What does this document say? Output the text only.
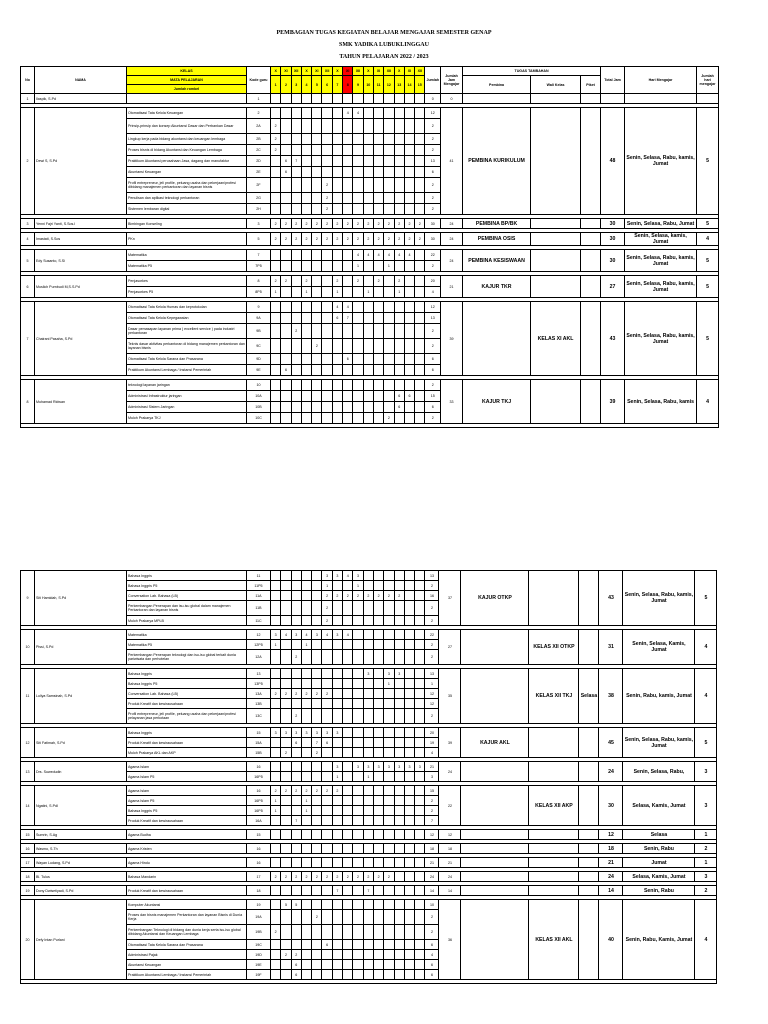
PEMBAGIAN TUGAS KEGIATAN BELAJAR MENGAJAR SEMESTER GENAP
SMK YADIKA LUBUKLINGGAU
TAHUN PELAJARAN 2022 / 2023
No	NAMA	KELAS	Kode guru	X	XI	XII	X	XI	XII	X	XI	XII	X	XI	XII	X	XI	XII	Jumlah	Jumlah Jam Mengajar	TUGAS TAMBAHAN			Total Jam	Hari Mengajar	Jumlah hari mengajar
		MATA PELAJARAN		1	2	3	4	5	6	7	8	9	10	11	12	13	14	15			Pembina	Wali Kelas	Piket			
		Jumlah rombel																								
1	Ilaspik, S.Pd		1																0	0						

2	Dewi S, S.Pd	Otomatisasi Tata Kelola Keuangan	2								4	4							12	41	PEMBINA KURIKULUM			48	Senin, Selasa, Rabu, kamis, Jumat	5
		Prinsip-prinsip dan konsep Akuntansi Dasar dan Perbankan Dasar	2A	2															2							
		Lingkup kerja pada bidang akuntansi dan keuangan lembaga	2B	2															2							
		Proses bisnis di bidang Akuntansi dan Keuangan Lembaga	2C	2															2							
		Praktikum Akuntansi perusahaan Jasa, dagang dan manufaktur	2D		6	7													13							
		Akuntansi Keuangan	2E		6														6							
		Profil entrepreneur, jeli profile, peluang usaha dan pekerjaan/profesi dibidang manajemen perkantoran dan layanan bisnis	2F						2										2							
		Penulisan dan aplikasi teknologi perkantoran	2G						2										2							
		Sistemen lembaran digital	2H						2										2							

3	Yenni Fajri Yanti, S.Sos.I	Bimbingan Konseling	3	2	2	2	2	2	2	2	2	2	2	2	2	2	2	2	30	24	PEMBINA BP/BK			30	Senin, Selasa, Rabu, Jumat	5

4	Imastati, S.Sos	PKn	5	2	2	2	2	2	2	2	2	2	2	2	2	2	2	2	30	24	PEMBINA OSIS			30	Senin, Selasa, kamis, Jumat	4

5	Edy Susanto, S.Si	Matematika	7									4	4	4	4	4	4		22	24	PEMBINA KESISWAAN			30	Senin, Selasa, Rabu, kamis, Jumat	5
		Matematika P5	7P5									1			1				2							

6	Muslich Purnbudi M,S.S.Pd	Penjasorkes	8	2	2		2			2		2		2		2			20	21	KAJUR TKR			27	Senin, Selasa, Rabu, kamis, Jumat	5
		Penjasorkes P5	8P5	1			1			1			1			1			4							

7	Chairani Pasaha, S.Pd	Otomatisasi Tata Kelola Humas dan keprotokolan	9							4	4								12	39		KELAS XI AKL		43	Senin, Selasa, Rabu, kamis, Jumat	5
		Otomatisasi Tata Kelola Kepegawaian	9A							6	7								13							
		Dasar pemasapan layanan prima ( excellent service ) pada industri perkantoran	9B			2													2							
		Teknis dasar aktivitas perkantoran di bidang manajemen perkantoran dan layanan bisnis	9C					2											2							
		Otomatisasi Tata Kelola Sarana dan Prasarana	9D								6								6							
		Praktikum Akuntansi Lembaga / Instansi Pemerintah	9E		6														6							

8	Muhamad Ridwan	teknologi layanan jaringan	10																2	33	KAJUR TKJ			39	Senin, Selasa, Rabu, kamis	4
		Administrasi Infrastruktur jaringan	10A													6	6		15							
		Administrasi Sistem Jaringan	10B													6			6							
		Muloh Prakarya TKJ	10C												2				2							

9	Siti Hamidah, S.Pd	Bahasa Inggris	11						3	3	4	3							13	37	KAJUR OTKP			43	Senin, Selasa, Rabu, kamis, Jumat	5
		Bahasa Inggris P5	11P5						1			1							2							
		Conversation Lab. Bahasa (LB)	11A						2	2	2	2	2	2	2	2			16							
		Perkembangan Penerapan dan isu-isu global dalam manajemen Perkantoran dan layanan bisnis	11B						2										2							
		Muloh Prakarya MPLB	11C						2										2							

10	Pissi, S.Pd	Matematika	12	3	4	3	4	3	4	3	4								22	27		KELAS XII OTKP		31	Senin, Selasa, Kamis, Jumat	4
		Matematika P5	12P5	1			1												2							
		Perkembangan Penerapan teknologi dan isu-isu global terkait dunia pariwisata dan perhotelan	12A			2													2							

11	Luliya Samsinah, S.Pd	Bahasa Inggris	13										3		3	3			13	35		KELAS XII TKJ	Selasa	38	Senin, Rabu, kamis, Jumat	4
		Bahasa Inggris P5	13P5												1				1							
		Conversation Lab. Bahasa (LB)	13A	2	2	2	2	2	2										12							
		Produk Kreatif dan kewirausahaan	13B																12							
		Profil entrepreneur, jeli profile, peluang usaha dan pekerjaan/profesi pelayanan jasa perkotaan	13C			2													2							

12	Siti Fatimah, S.Pd	Bahasa Inggris	15	3	3	3	3	3	3	3									20	39	KAJUR AKL			45	Senin, Selasa, Rabu, kamis, Jumat	5
		Produk Kreatif dan kewirausahaan	15A			6		7	6										19							
		Muloh Prakarya AKL dan AKP	15B		2			2											4							

13	Drs. Suwedudin	Agama Islam	16							3		3	3	3	3	3	3	3	21	24				24	Senin, Selasa, Rabu,	3
		Agama Islam P5	16P5							1			1						3							

14	Ngatini, S.PdI	Agama Islam	16	2	2	2	2	2	2	2									15	22		KELAS XII AKP		30	Selasa, Kamis, Jumat	3
		Agama Islam P5	16P5	1			1												2							
		Bahasa Inggris P5	16P5	1			1												2							
		Produk Kreatif dan kewirausahaan	16A			7													7							

15	Sumrin, S.Ag	Agama Budha	15																12	12				12	Selasa	1

16	Wasmo, S.Th	Agama Kristen	16																18	18				18	Senin, Rabu	2

17	Wayan Ludang, S.Pd	Agama Hindu	16																21	21				21	Jumat	1

18	Bl. Tulus	Bahasa Mandarin	17	2	2	2	2	2	2	2	2	2	2	2	2				24	24				24	Selasa, Kamis, Jumat	3

19	Dony Dwisetiyadi, S.Pd	Produk Kreatif dan kewirausahaan	18							7			7						14	14				14	Senin, Rabu	2

20	Defy Intan Purlani	Komputer Akuntansi	19		5	5													10	36		KELAS XII AKL		40	Senin, Rabu, Kamis, Jumat	4
		Proses dan bisnis manajemen Perkantoran dan layanan Bisnis di Dunia Kerja	19A					2											2							
		Perkembangan Teknologi di bidang dan dunia kerja serta isu-isu global dibidang Akuntansi dan Keuangan Lembaga	19B	2															2							
		Otomatisasi Tata Kelola Sarana dan Prasarana	19C						6										6							
		Administrasi Pajak	19D		2	2													4							
		Akuntansi Keuangan	19E			6													6							
		Praktikum Akuntansi Lembaga / Instansi Pemerintah	19F			6													6							
